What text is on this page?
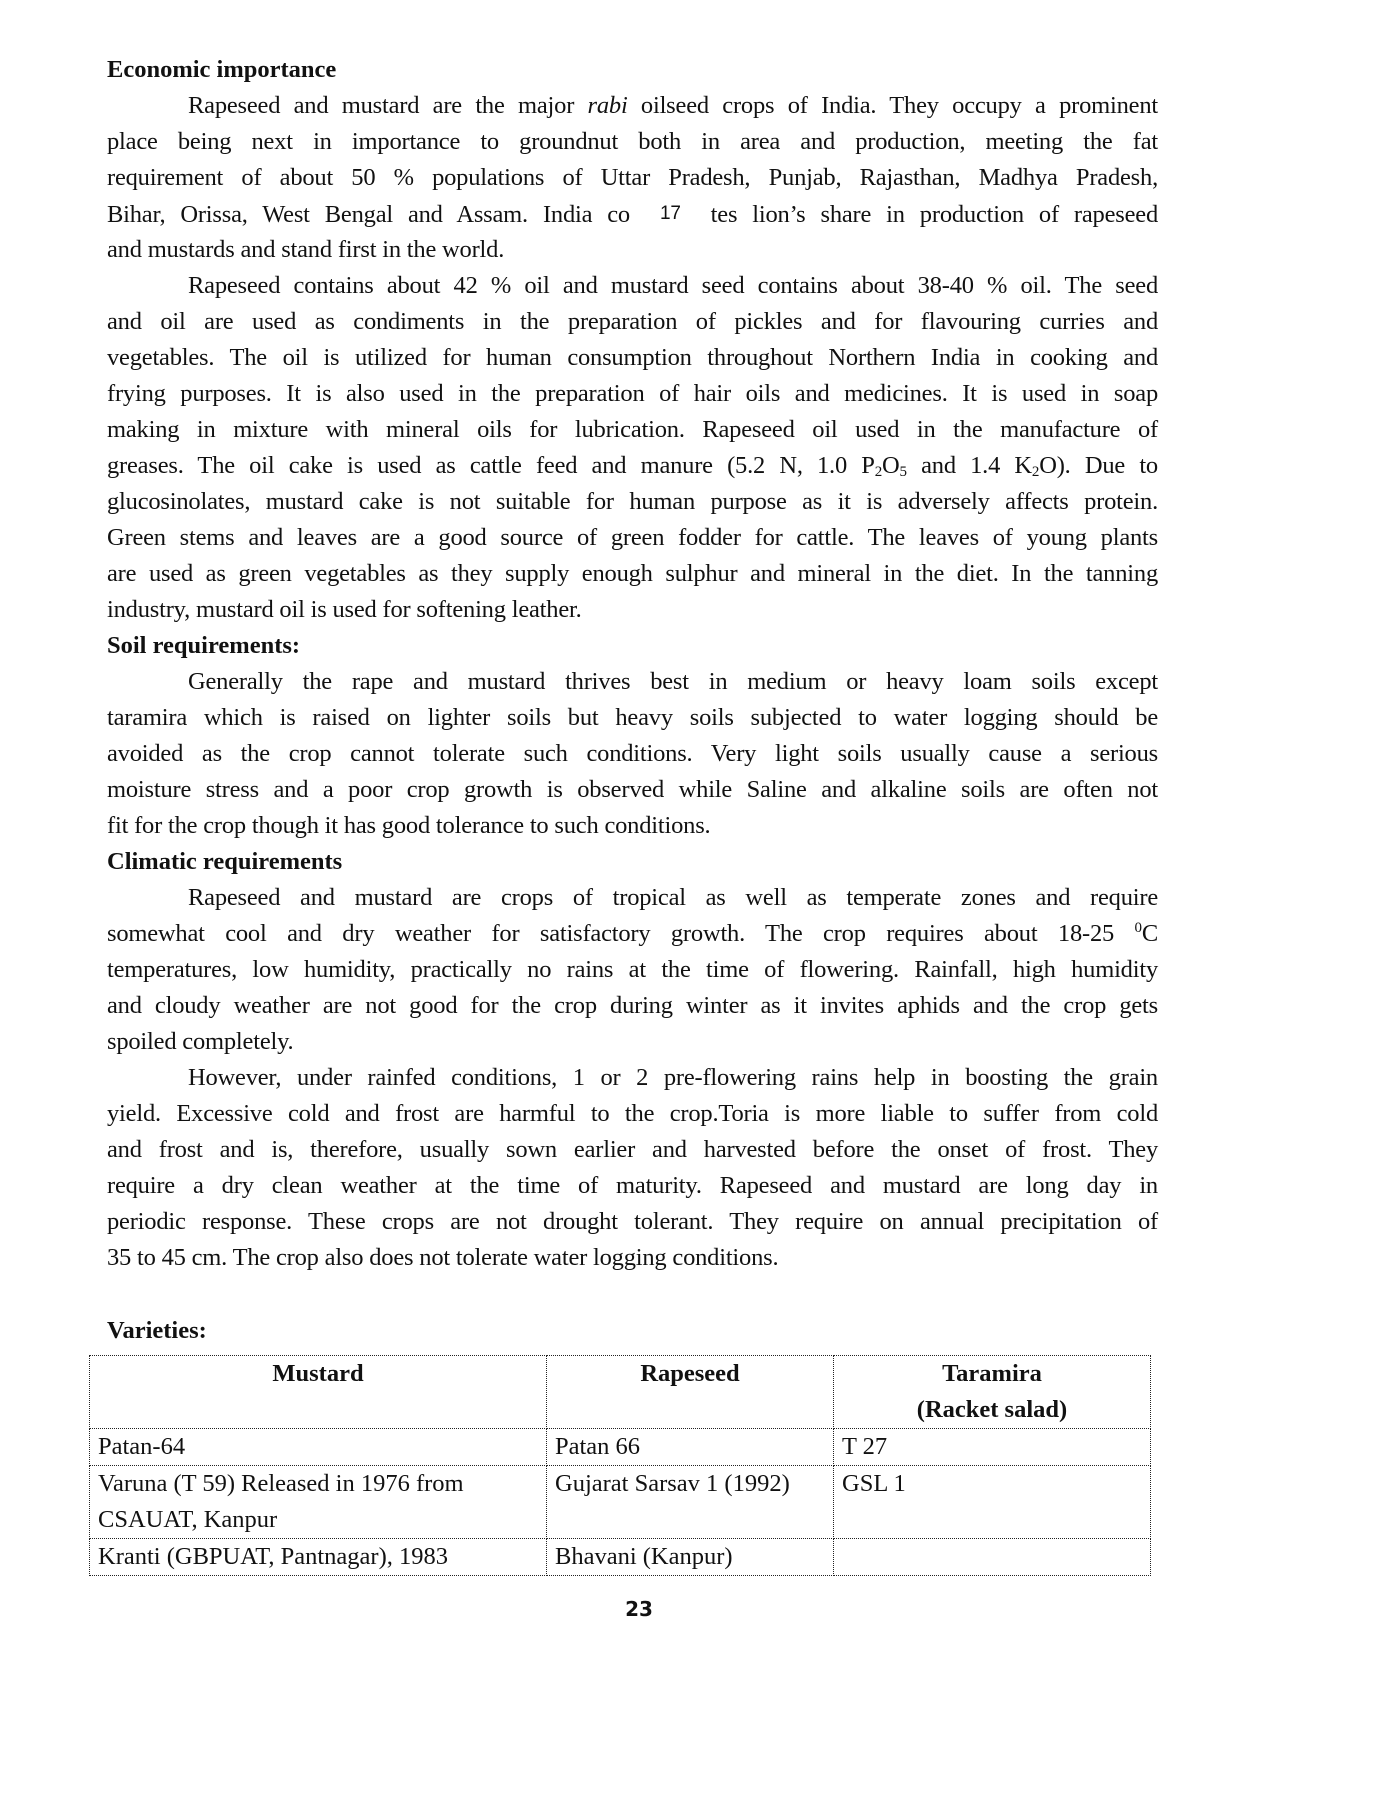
Economic importance
Rapeseed and mustard are the major rabi oilseed crops of India. They occupy a prominent
place being next in importance to groundnut both in area and production, meeting the fat
requirement of about 50 % populations of Uttar Pradesh, Punjab, Rajasthan, Madhya Pradesh,
Bihar, Orissa, West Bengal and Assam. India co 17 tes lion’s share in production of rapeseed
and mustards and stand first in the world.
Rapeseed contains about 42 % oil and mustard seed contains about 38-40 % oil. The seed
and oil are used as condiments in the preparation of pickles and for flavouring curries and
vegetables. The oil is utilized for human consumption throughout Northern India in cooking and
frying purposes. It is also used in the preparation of hair oils and medicines. It is used in soap
making in mixture with mineral oils for lubrication. Rapeseed oil used in the manufacture of
greases. The oil cake is used as cattle feed and manure (5.2 N, 1.0 $P_2O_5$ and 1.4 $K_2O$). Due to
glucosinolates, mustard cake is not suitable for human purpose as it is adversely affects protein.
Green stems and leaves are a good source of green fodder for cattle. The leaves of young plants
are used as green vegetables as they supply enough sulphur and mineral in the diet. In the tanning
industry, mustard oil is used for softening leather.
Soil requirements:
Generally the rape and mustard thrives best in medium or heavy loam soils except
taramira which is raised on lighter soils but heavy soils subjected to water logging should be
avoided as the crop cannot tolerate such conditions. Very light soils usually cause a serious
moisture stress and a poor crop growth is observed while Saline and alkaline soils are often not
fit for the crop though it has good tolerance to such conditions.
Climatic requirements
Rapeseed and mustard are crops of tropical as well as temperate zones and require
somewhat cool and dry weather for satisfactory growth. The crop requires about 18-25 $^0$C
temperatures, low humidity, practically no rains at the time of flowering. Rainfall, high humidity
and cloudy weather are not good for the crop during winter as it invites aphids and the crop gets
spoiled completely.
However, under rainfed conditions, 1 or 2 pre-flowering rains help in boosting the grain
yield. Excessive cold and frost are harmful to the crop.Toria is more liable to suffer from cold
and frost and is, therefore, usually sown earlier and harvested before the onset of frost. They
require a dry clean weather at the time of maturity. Rapeseed and mustard are long day in
periodic response. These crops are not drought tolerant. They require on annual precipitation of
35 to 45 cm. The crop also does not tolerate water logging conditions.
Varieties:
Mustard	Rapeseed	Taramira
(Racket salad)

Patan-64	Patan 66	T 27

Varuna (T 59) Released in 1976 from
CSAUAT, Kanpur	Gujarat Sarsav 1 (1992)	GSL 1

Kranti (GBPUAT, Pantnagar), 1983	Bhavani (Kanpur)	

23
